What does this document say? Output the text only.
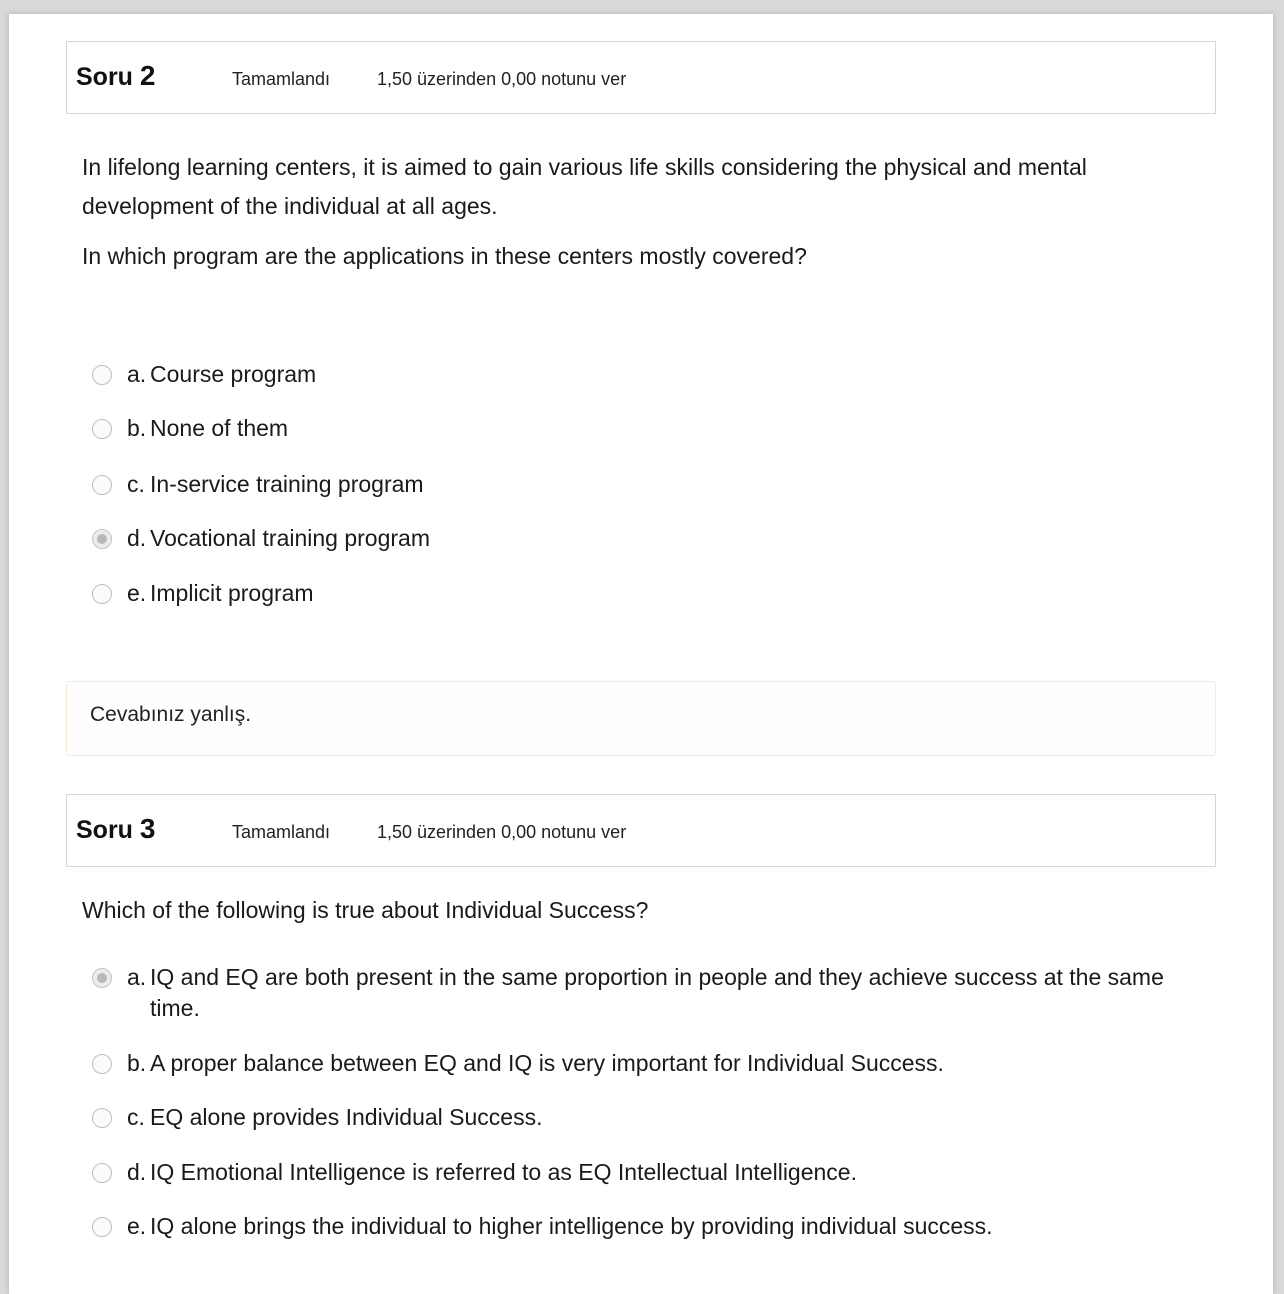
Soru 2	Tamamlandı	1,50 üzerinden 0,00 notunu ver
In lifelong learning centers, it is aimed to gain various life skills considering the physical and mental development of the individual at all ages.
In which program are the applications in these centers mostly covered?
a. Course program
b. None of them
c. In-service training program
d. Vocational training program
e. Implicit program
Cevabınız yanlış.
Soru 3	Tamamlandı	1,50 üzerinden 0,00 notunu ver
Which of the following is true about Individual Success?
a. IQ and EQ are both present in the same proportion in people and they achieve success at the same time.
b. A proper balance between EQ and IQ is very important for Individual Success.
c. EQ alone provides Individual Success.
d. IQ Emotional Intelligence is referred to as EQ Intellectual Intelligence.
e. IQ alone brings the individual to higher intelligence by providing individual success.
